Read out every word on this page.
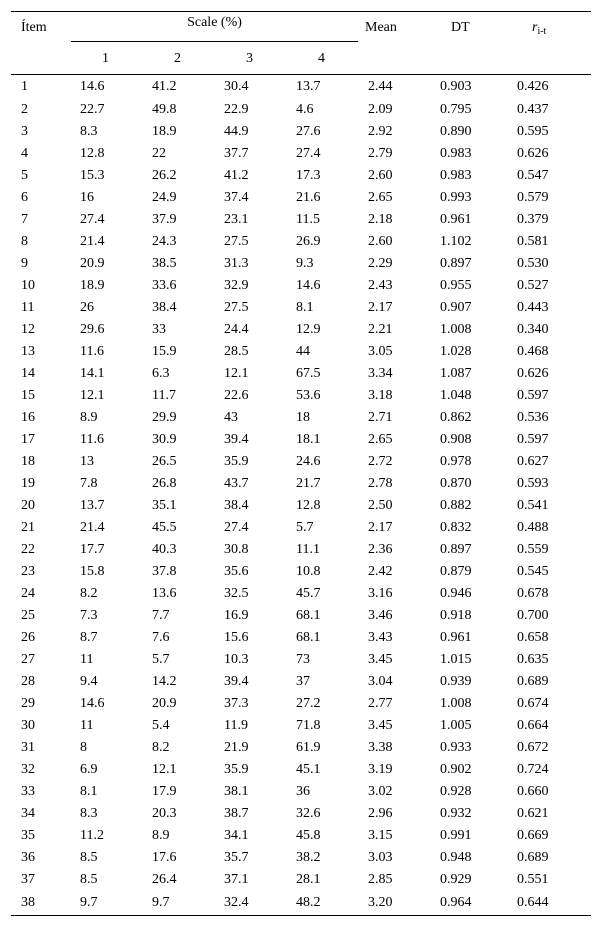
Ítem	Scale (%)				Mean	DT	$r_{i-t}$
	1	2	3	4			
1	14.6	41.2	30.4	13.7	2.44	0.903	0.426
2	22.7	49.8	22.9	4.6	2.09	0.795	0.437
3	8.3	18.9	44.9	27.6	2.92	0.890	0.595
4	12.8	22	37.7	27.4	2.79	0.983	0.626
5	15.3	26.2	41.2	17.3	2.60	0.983	0.547
6	16	24.9	37.4	21.6	2.65	0.993	0.579
7	27.4	37.9	23.1	11.5	2.18	0.961	0.379
8	21.4	24.3	27.5	26.9	2.60	1.102	0.581
9	20.9	38.5	31.3	9.3	2.29	0.897	0.530
10	18.9	33.6	32.9	14.6	2.43	0.955	0.527
11	26	38.4	27.5	8.1	2.17	0.907	0.443
12	29.6	33	24.4	12.9	2.21	1.008	0.340
13	11.6	15.9	28.5	44	3.05	1.028	0.468
14	14.1	6.3	12.1	67.5	3.34	1.087	0.626
15	12.1	11.7	22.6	53.6	3.18	1.048	0.597
16	8.9	29.9	43	18	2.71	0.862	0.536
17	11.6	30.9	39.4	18.1	2.65	0.908	0.597
18	13	26.5	35.9	24.6	2.72	0.978	0.627
19	7.8	26.8	43.7	21.7	2.78	0.870	0.593
20	13.7	35.1	38.4	12.8	2.50	0.882	0.541
21	21.4	45.5	27.4	5.7	2.17	0.832	0.488
22	17.7	40.3	30.8	11.1	2.36	0.897	0.559
23	15.8	37.8	35.6	10.8	2.42	0.879	0.545
24	8.2	13.6	32.5	45.7	3.16	0.946	0.678
25	7.3	7.7	16.9	68.1	3.46	0.918	0.700
26	8.7	7.6	15.6	68.1	3.43	0.961	0.658
27	11	5.7	10.3	73	3.45	1.015	0.635
28	9.4	14.2	39.4	37	3.04	0.939	0.689
29	14.6	20.9	37.3	27.2	2.77	1.008	0.674
30	11	5.4	11.9	71.8	3.45	1.005	0.664
31	8	8.2	21.9	61.9	3.38	0.933	0.672
32	6.9	12.1	35.9	45.1	3.19	0.902	0.724
33	8.1	17.9	38.1	36	3.02	0.928	0.660
34	8.3	20.3	38.7	32.6	2.96	0.932	0.621
35	11.2	8.9	34.1	45.8	3.15	0.991	0.669
36	8.5	17.6	35.7	38.2	3.03	0.948	0.689
37	8.5	26.4	37.1	28.1	2.85	0.929	0.551
38	9.7	9.7	32.4	48.2	3.20	0.964	0.644
